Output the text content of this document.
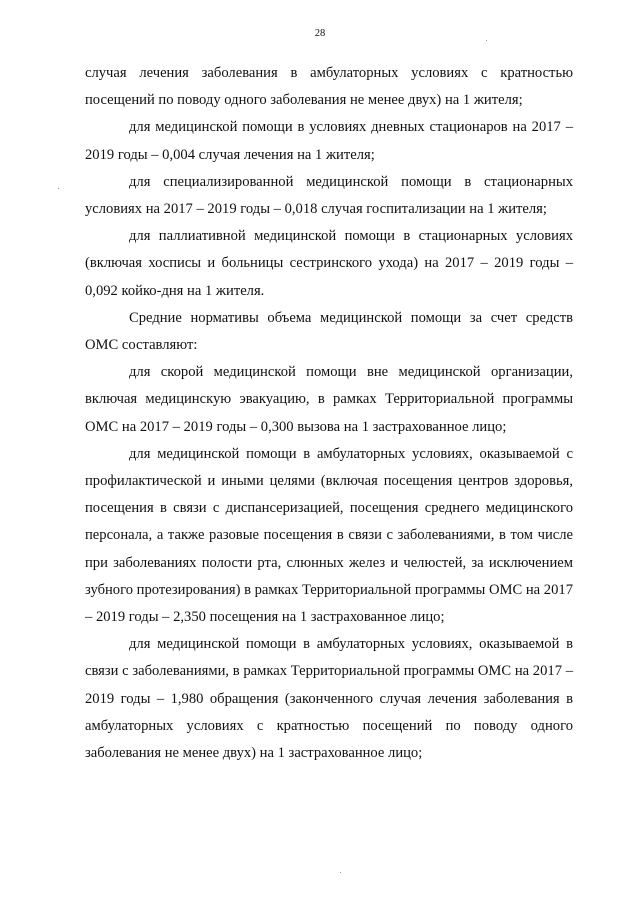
28

случая лечения заболевания в амбулаторных условиях с кратностью посещений по поводу одного заболевания не менее двух) на 1 жителя;

для медицинской помощи в условиях дневных стационаров на 2017 – 2019 годы – 0,004 случая лечения на 1 жителя;

для специализированной медицинской помощи в стационарных условиях на 2017 – 2019 годы – 0,018 случая госпитализации на 1 жителя;

для паллиативной медицинской помощи в стационарных условиях (включая хосписы и больницы сестринского ухода) на 2017 – 2019 годы – 0,092 койко-дня на 1 жителя.

Средние нормативы объема медицинской помощи за счет средств ОМС составляют:

для скорой медицинской помощи вне медицинской организации, включая медицинскую эвакуацию, в рамках Территориальной программы ОМС на 2017 – 2019 годы – 0,300 вызова на 1 застрахованное лицо;

для медицинской помощи в амбулаторных условиях, оказываемой с профилактической и иными целями (включая посещения центров здоровья, посещения в связи с диспансеризацией, посещения среднего медицинского персонала, а также разовые посещения в связи с заболеваниями, в том числе при заболеваниях полости рта, слюнных желез и челюстей, за исключением зубного протезирования) в рамках Территориальной программы ОМС на 2017 – 2019 годы – 2,350 посещения на 1 застрахованное лицо;

для медицинской помощи в амбулаторных условиях, оказываемой в связи с заболеваниями, в рамках Территориальной программы ОМС на 2017 – 2019 годы – 1,980 обращения (законченного случая лечения заболевания в амбулаторных условиях с кратностью посещений по поводу одного заболевания не менее двух) на 1 застрахованное лицо;
